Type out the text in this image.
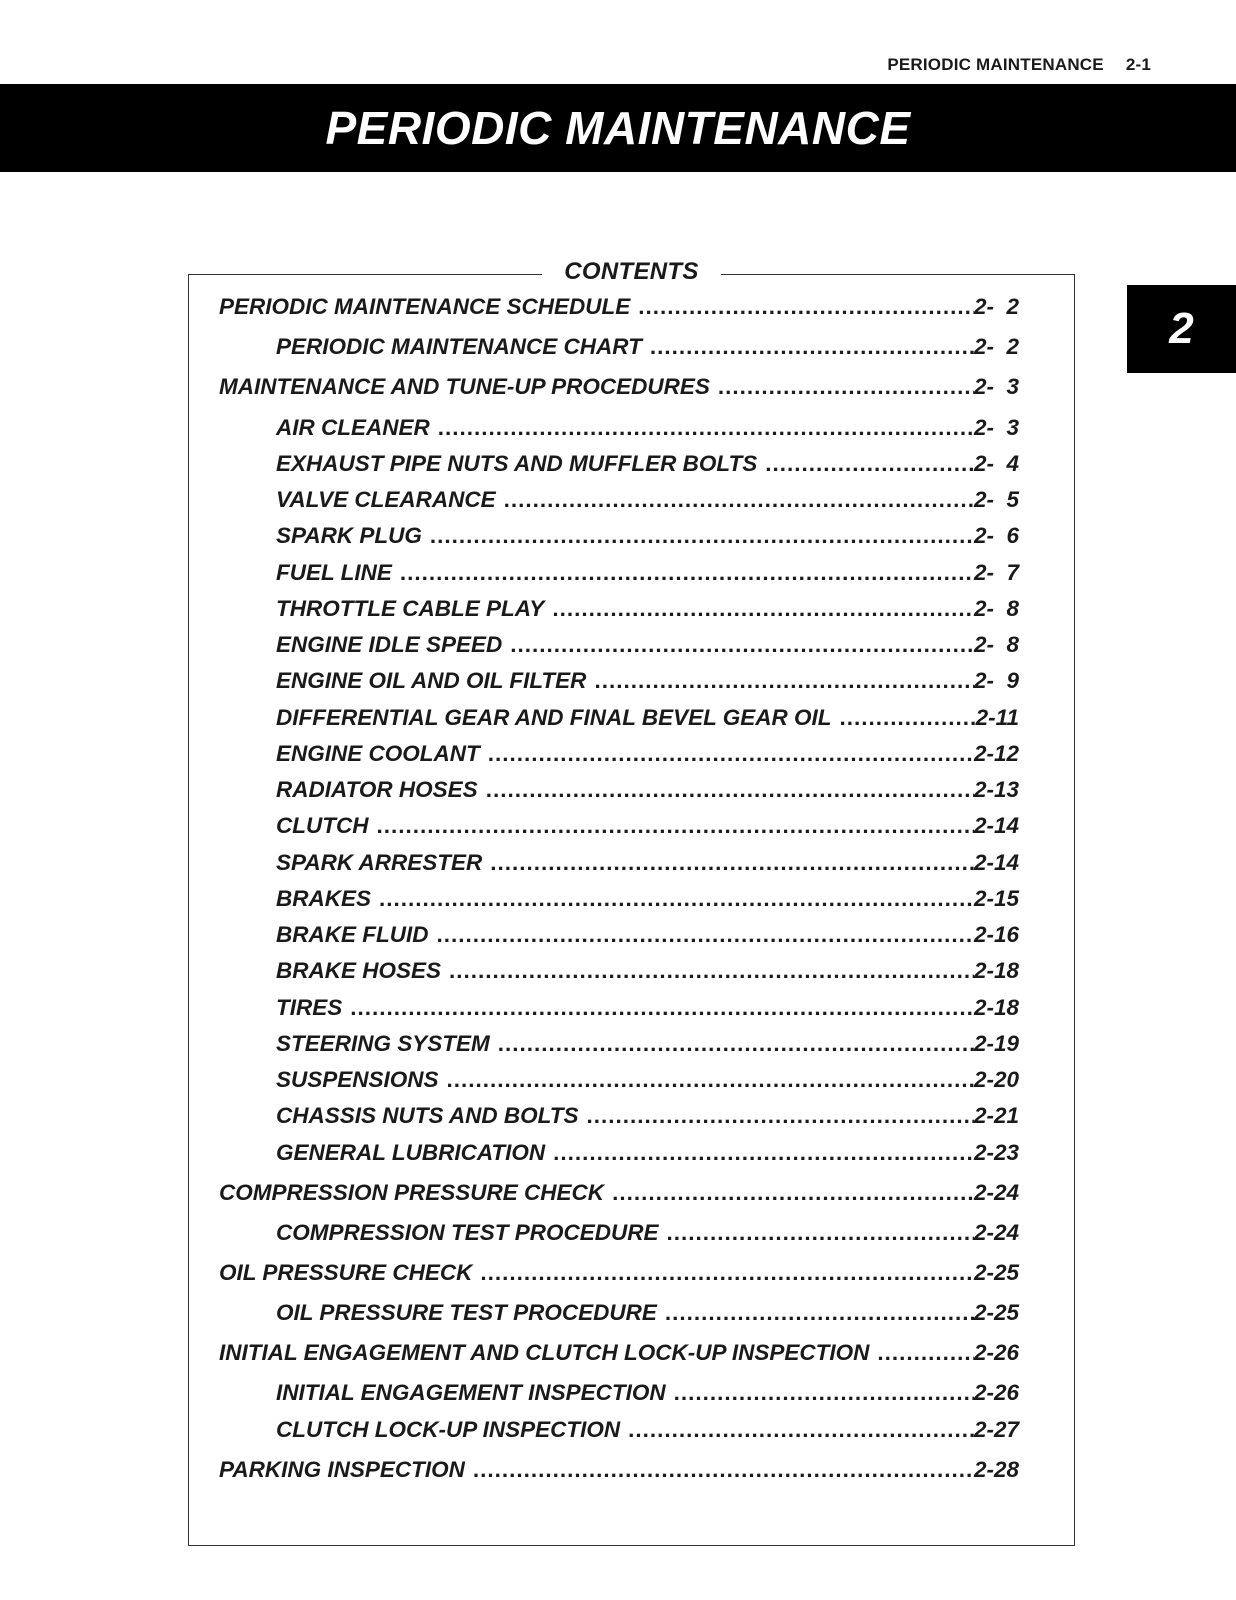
PERIODIC MAINTENANCE 2-1
PERIODIC MAINTENANCE
2
CONTENTS
PERIODIC MAINTENANCE SCHEDULE .....	2-  2
PERIODIC MAINTENANCE CHART .....	2-  2
MAINTENANCE AND TUNE-UP PROCEDURES .....	2-  3
AIR CLEANER .....	2-  3
EXHAUST PIPE NUTS AND MUFFLER BOLTS .....	2-  4
VALVE CLEARANCE .....	2-  5
SPARK PLUG .....	2-  6
FUEL LINE .....	2-  7
THROTTLE CABLE PLAY .....	2-  8
ENGINE IDLE SPEED .....	2-  8
ENGINE OIL AND OIL FILTER .....	2-  9
DIFFERENTIAL GEAR AND FINAL BEVEL GEAR OIL .....	2-11
ENGINE COOLANT .....	2-12
RADIATOR HOSES .....	2-13
CLUTCH .....	2-14
SPARK ARRESTER .....	2-14
BRAKES .....	2-15
BRAKE FLUID .....	2-16
BRAKE HOSES .....	2-18
TIRES .....	2-18
STEERING SYSTEM .....	2-19
SUSPENSIONS .....	2-20
CHASSIS NUTS AND BOLTS .....	2-21
GENERAL LUBRICATION .....	2-23
COMPRESSION PRESSURE CHECK .....	2-24
COMPRESSION TEST PROCEDURE .....	2-24
OIL PRESSURE CHECK .....	2-25
OIL PRESSURE TEST PROCEDURE .....	2-25
INITIAL ENGAGEMENT AND CLUTCH LOCK-UP INSPECTION .....	2-26
INITIAL ENGAGEMENT INSPECTION .....	2-26
CLUTCH LOCK-UP INSPECTION .....	2-27
PARKING INSPECTION .....	2-28
